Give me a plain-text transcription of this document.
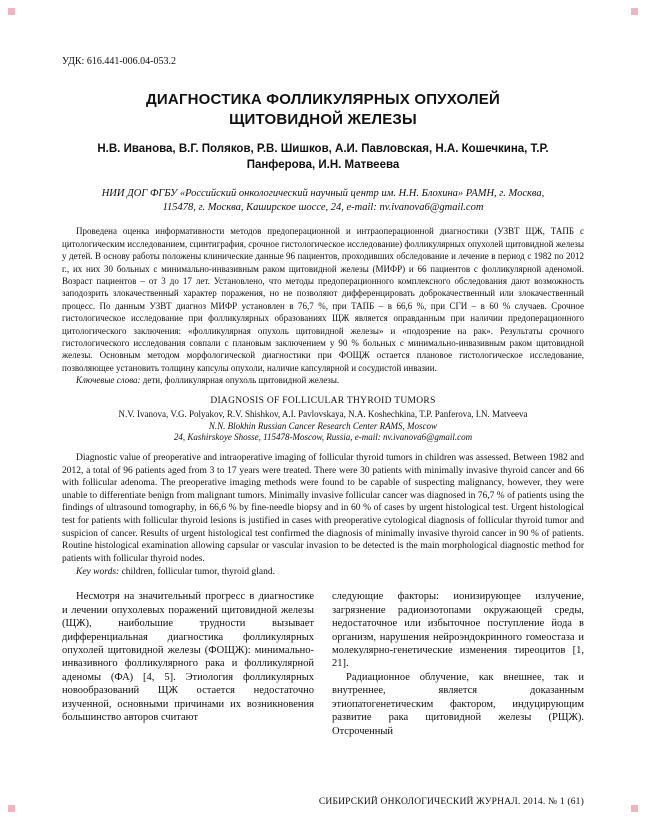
УДК: 616.441-006.04-053.2
ДИАГНОСТИКА ФОЛЛИКУЛЯРНЫХ ОПУХОЛЕЙ ЩИТОВИДНОЙ ЖЕЛЕЗЫ
Н.В. Иванова, В.Г. Поляков, Р.В. Шишков, А.И. Павловская, Н.А. Кошечкина, Т.Р. Панферова, И.Н. Матвеева
НИИ ДОГ ФГБУ «Российский онкологический научный центр им. Н.Н. Блохина» РАМН, г. Москва,
115478, г. Москва, Каширское шоссе, 24, e-mail: nv.ivanova6@gmail.com

Проведена оценка информативности методов предоперационной и интраоперационной диагностики (УЗВТ ЩЖ, ТАПБ с цитологическим исследованием, сцинтиграфия, срочное гистологическое исследование) фолликулярных опухолей щитовидной железы у детей. В основу работы положены клинические данные 96 пациентов, проходивших обследование и лечение в период с 1982 по 2012 г., их них 30 больных с минимально-инвазивным раком щитовидной железы (МИФР) и 66 пациентов с фолликулярной аденомой. Возраст пациентов – от 3 до 17 лет. Установлено, что методы предоперационного комплексного обследования дают возможность заподозрить злокачественный характер поражения, но не позволяют дифференцировать доброкачественный или злокачественный процесс. По данным УЗВТ диагноз МИФР установлен в 76,7 %, при ТАПБ – в 66,6 %, при СГИ – в 60 % случаев. Срочное гистологическое исследование при фолликулярных образованиях ЩЖ является оправданным при наличии предоперационного цитологического заключения: «фолликулярная опухоль щитовидной железы» и «подозрение на рак». Результаты срочного гистологического исследования совпали с плановым заключением у 90 % больных с минимально-инвазивным раком щитовидной железы. Основным методом морфологической диагностики при ФОЩЖ остается плановое гистологическое исследование, позволяющее установить толщину капсулы опухоли, наличие капсулярной и сосудистой инвазии.

Ключевые слова: дети, фолликулярная опухоль щитовидной железы.
DIAGNOSIS OF FOLLICULAR THYROID TUMORS
N.V. Ivanova, V.G. Polyakov, R.V. Shishkov, A.I. Pavlovskaya, N.A. Koshechkina, T.P. Panferova, I.N. Matveeva
N.N. Blokhin Russian Cancer Research Center RAMS, Moscow
24, Kashirskoye Shosse, 115478-Moscow, Russia, e-mail: nv.ivanova6@gmail.com

Diagnostic value of preoperative and intraoperative imaging of follicular thyroid tumors in children was assessed. Between 1982 and 2012, a total of 96 patients aged from 3 to 17 years were treated. There were 30 patients with minimally invasive thyroid cancer and 66 with follicular adenoma. The preoperative imaging methods were found to be capable of suspecting malignancy, however, they were unable to differentiate benign from malignant tumors. Minimally invasive follicular cancer was diagnosed in 76,7 % of patients using the findings of ultrasound tomography, in 66,6 % by fine-needle biopsy and in 60 % of cases by urgent histological test. Urgent histological test for patients with follicular thyroid lesions is justified in cases with preoperative cytological diagnosis of follicular thyroid tumor and suspicion of cancer. Results of urgent histological test confirmed the diagnosis of minimally invasive thyroid cancer in 90 % of patients. Routine histological examination allowing capsular or vascular invasion to be detected is the main morphological diagnostic method for patients with follicular thyroid nodes.

Key words: children, follicular tumor, thyroid gland.

Несмотря на значительный прогресс в диагностике и лечении опухолевых поражений щитовидной железы (ЩЖ), наибольшие трудности вызывает дифференциальная диагностика фолликулярных опухолей щитовидной железы (ФОЩЖ): минимально-инвазивного фолликулярного рака и фолликулярной аденомы (ФА) [4, 5]. Этиология фолликулярных новообразований ЩЖ остается недостаточно изученной, основными причинами их возникновения большинство авторов считают

следующие факторы: ионизирующее излучение, загрязнение радиоизотопами окружающей среды, недостаточное или избыточное поступление йода в организм, нарушения нейроэндокринного гомеостаза и молекулярно-генетические изменения тиреоцитов [1, 21].

Радиационное облучение, как внешнее, так и внутреннее, является доказанным этиопатогенетическим фактором, индуцирующим развитие рака щитовидной железы (РЩЖ). Отсроченный

СИБИРСКИЙ ОНКОЛОГИЧЕСКИЙ ЖУРНАЛ. 2014. № 1 (61)
